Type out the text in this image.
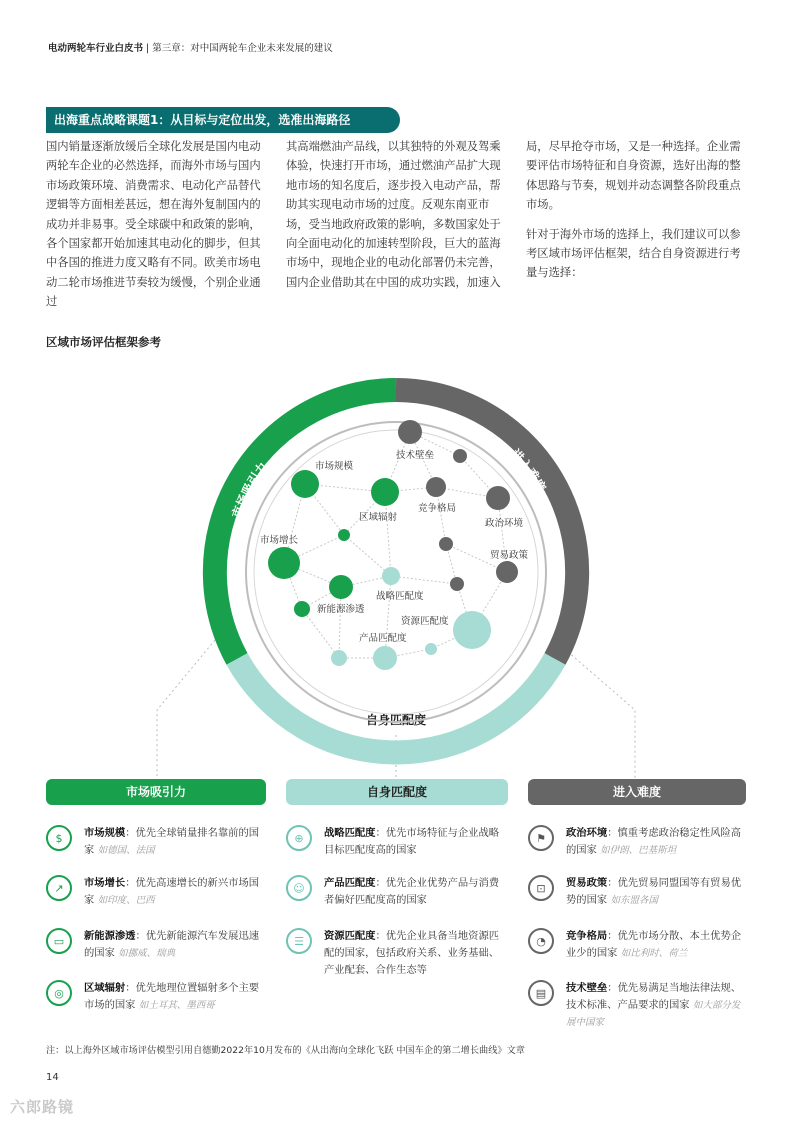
电动两轮车行业白皮书 | 第三章：对中国两轮车企业未来发展的建议
出海重点战略课题1：从目标与定位出发，选准出海路径

国内销量逐渐放缓后全球化发展是国内电动两轮车企业的必然选择，而海外市场与国内市场政策环境、消费需求、电动化产品替代逻辑等方面相差甚远，想在海外复制国内的成功并非易事。受全球碳中和政策的影响，各个国家都开始加速其电动化的脚步，但其中各国的推进力度又略有不同。欧美市场电动二轮市场推进节奏较为缓慢，个别企业通过

其高端燃油产品线，以其独特的外观及驾乘体验，快速打开市场，通过燃油产品扩大现地市场的知名度后，逐步投入电动产品，帮助其实现电动市场的过度。反观东南亚市场，受当地政府政策的影响，多数国家处于向全面电动化的加速转型阶段，巨大的蓝海市场中，现地企业的电动化部署仍未完善，国内企业借助其在中国的成功实践，加速入

局，尽早抢夺市场，又是一种选择。企业需要评估市场特征和自身资源，选好出海的整体思路与节奏，规划并动态调整各阶段重点市场。

针对于海外市场的选择上，我们建议可以参考区域市场评估框架，结合自身资源进行考量与选择：

区域市场评估框架参考
市场吸引力
进入难度
自身匹配度
市场规模
区域辐射
市场增长
新能源渗透
技术壁垒
竞争格局
政治环境
贸易政策
战略匹配度
资源匹配度
产品匹配度
市场吸引力	自身匹配度	进入难度
$	市场规模：优先全球销量排名靠前的国家 如德国、法国
↗	市场增长：优先高速增长的新兴市场国家 如印度、巴西
▭	新能源渗透：优先新能源汽车发展迅速的国家 如挪威、瑞典
◎	区域辐射：优先地理位置辐射多个主要市场的国家 如土耳其、墨西哥
⊕	战略匹配度：优先市场特征与企业战略目标匹配度高的国家
☺	产品匹配度：优先企业优势产品与消费者偏好匹配度高的国家
☰	资源匹配度：优先企业具备当地资源匹配的国家，包括政府关系、业务基础、产业配套、合作生态等
⚑	政治环境：慎重考虑政治稳定性风险高的国家 如伊朗、巴基斯坦
⊡	贸易政策：优先贸易同盟国等有贸易优势的国家 如东盟各国
◔	竞争格局：优先市场分散、本土优势企业少的国家 如比利时、荷兰
▤	技术壁垒：优先易满足当地法律法规、技术标准、产品要求的国家 如大部分发展中国家
注：以上海外区域市场评估模型引用自德勤2022年10月发布的《从出海向全球化飞跃 中国车企的第二增长曲线》文章
14
六郎路镜
